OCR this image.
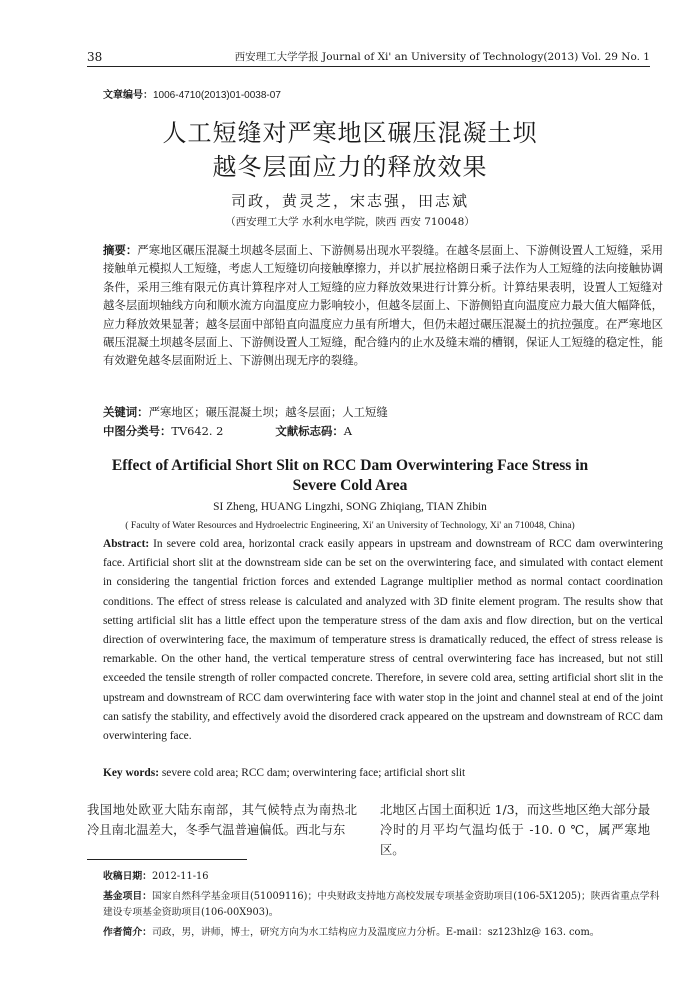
38	西安理工大学学报 Journal of Xi' an University of Technology(2013) Vol. 29 No. 1
文章编号：1006-4710(2013)01-0038-07
人工短缝对严寒地区碾压混凝土坝
越冬层面应力的释放效果
司政，黄灵芝，宋志强，田志斌
（西安理工大学 水利水电学院，陕西 西安 710048）
摘要：严寒地区碾压混凝土坝越冬层面上、下游侧易出现水平裂缝。在越冬层面上、下游侧设置人工短缝，采用接触单元模拟人工短缝，考虑人工短缝切向接触摩擦力，并以扩展拉格朗日乘子法作为人工短缝的法向接触协调条件，采用三维有限元仿真计算程序对人工短缝的应力释放效果进行计算分析。计算结果表明，设置人工短缝对越冬层面坝轴线方向和顺水流方向温度应力影响较小，但越冬层面上、下游侧铅直向温度应力最大值大幅降低，应力释放效果显著；越冬层面中部铅直向温度应力虽有所增大，但仍未超过碾压混凝土的抗拉强度。在严寒地区碾压混凝土坝越冬层面上、下游侧设置人工短缝，配合缝内的止水及缝末端的槽钢，保证人工短缝的稳定性，能有效避免越冬层面附近上、下游侧出现无序的裂缝。
关键词：严寒地区；碾压混凝土坝；越冬层面；人工短缝
中图分类号：TV642. 2	文献标志码：A
Effect of Artificial Short Slit on RCC Dam Overwintering Face Stress in
Severe Cold Area
SI Zheng, HUANG Lingzhi, SONG Zhiqiang, TIAN Zhibin
( Faculty of Water Resources and Hydroelectric Engineering, Xi' an University of Technology, Xi' an 710048, China)
Abstract: In severe cold area, horizontal crack easily appears in upstream and downstream of RCC dam overwintering face. Artificial short slit at the downstream side can be set on the overwintering face, and simulated with contact element in considering the tangential friction forces and extended Lagrange multiplier method as normal contact coordination conditions. The effect of stress release is calculated and analyzed with 3D finite element program. The results show that setting artificial slit has a little effect upon the temperature stress of the dam axis and flow direction, but on the vertical direction of overwintering face, the maximum of temperature stress is dramatically reduced, the effect of stress release is remarkable. On the other hand, the vertical temperature stress of central overwintering face has increased, but not still exceeded the tensile strength of roller compacted concrete. Therefore, in severe cold area, setting artificial short slit in the upstream and downstream of RCC dam overwintering face with water stop in the joint and channel steal at end of the joint can satisfy the stability, and effectively avoid the disordered crack appeared on the upstream and downstream of RCC dam overwintering face.
Key words: severe cold area; RCC dam; overwintering face; artificial short slit
我国地处欧亚大陆东南部，其气候特点为南热北冷且南北温差大，冬季气温普遍偏低。西北与东
北地区占国土面积近 1/3，而这些地区绝大部分最冷时的月平均气温均低于 -10. 0 ℃，属严寒地区。
收稿日期：2012-11-16
基金项目：国家自然科学基金项目(51009116)；中央财政支持地方高校发展专项基金资助项目(106-5X1205)；陕西省重点学科建设专项基金资助项目(106-00X903)。
作者简介：司政，男，讲师，博士，研究方向为水工结构应力及温度应力分析。E-mail：sz123hlz@ 163. com。
